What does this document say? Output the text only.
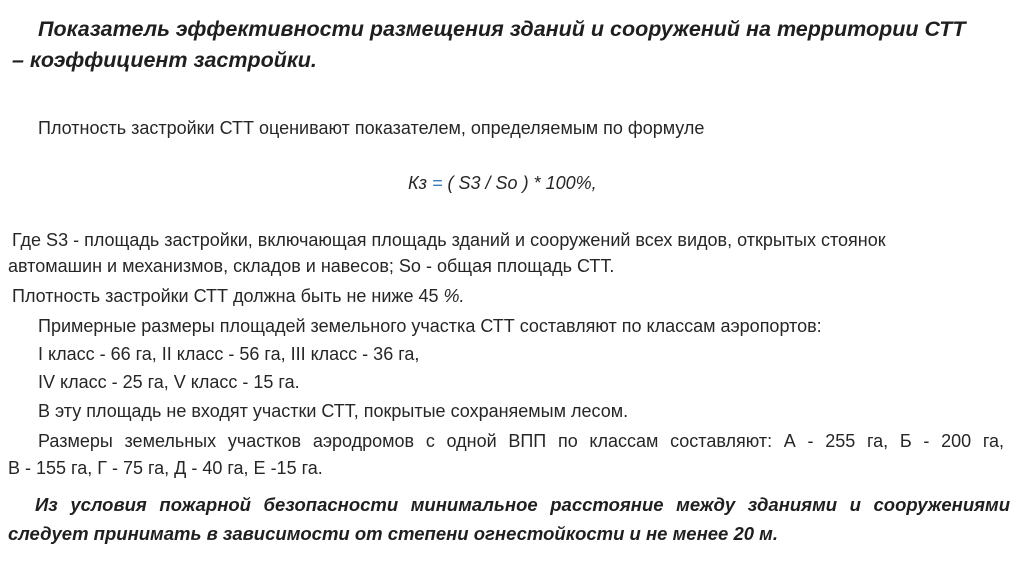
Показатель эффективности размещения зданий и сооружений на территории СТТ
– коэффициент застройки.
Плотность застройки СТТ оценивают показателем, определяемым по формуле
Кз = ( S3 / So ) * 100%,
Где S3 - площадь застройки, включающая площадь зданий и сооружений всех видов, открытых стоянок
автомашин и механизмов, складов и навесов; So - общая площадь СТТ.
Плотность застройки СТТ должна быть не ниже 45 %.
Примерные размеры площадей земельного участка СТТ составляют по классам аэропортов:
I класс - 66 га, II класс - 56 га, III класс - 36 га,
IV класс - 25 га, V класс - 15 га.
В эту площадь не входят участки СТТ, покрытые сохраняемым лесом.
Размеры земельных участков аэродромов с одной ВПП по классам составляют: А - 255 га, Б - 200 га,
В - 155 га, Г - 75 га, Д - 40 га, Е -15 га.
Из условия пожарной безопасности минимальное расстояние между зданиями и сооружениями
следует принимать в зависимости от степени огнестойкости и не менее 20 м.
